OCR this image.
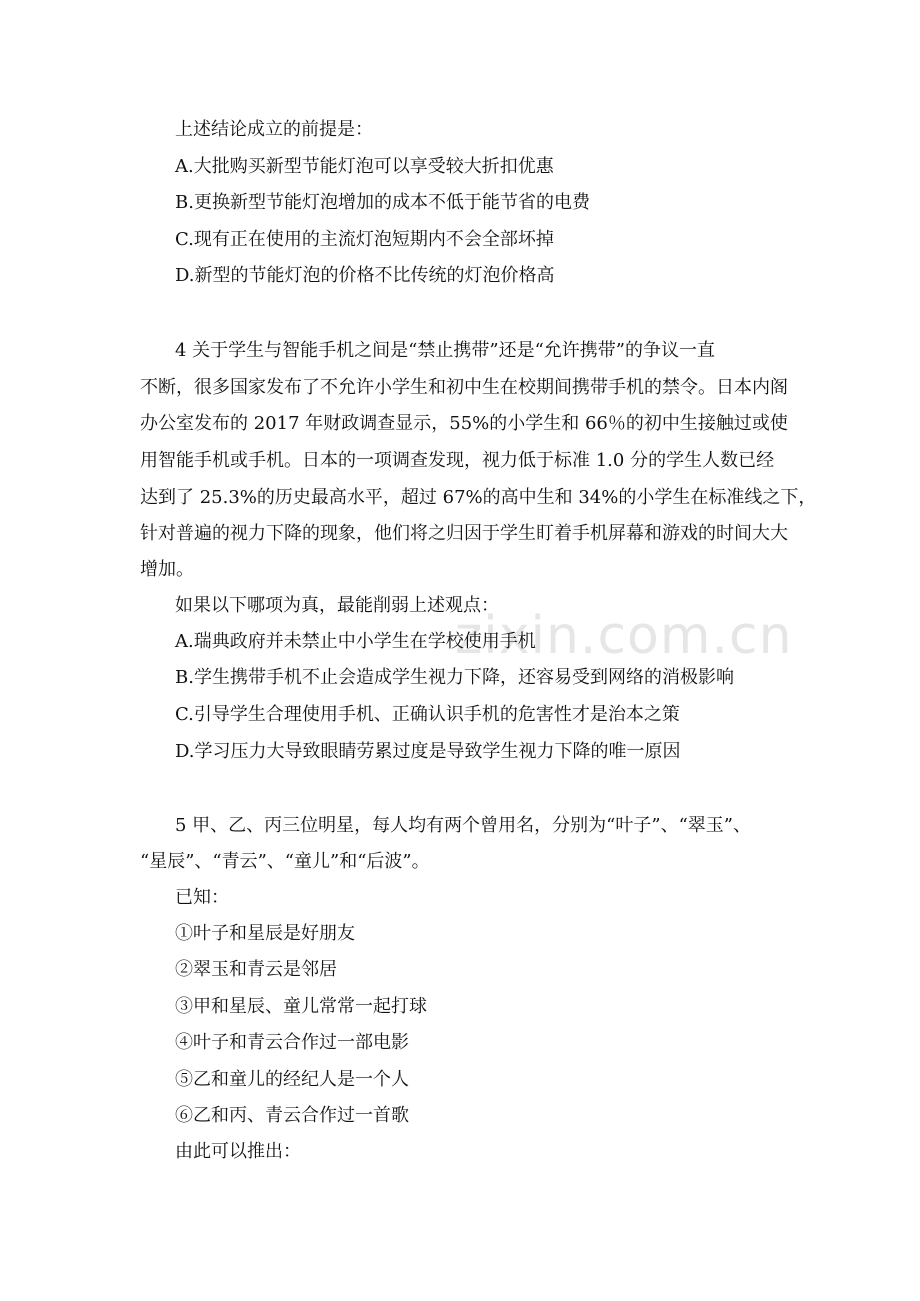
zixin.com.cn
上述结论成立的前提是：
A.大批购买新型节能灯泡可以享受较大折扣优惠
B.更换新型节能灯泡增加的成本不低于能节省的电费
C.现有正在使用的主流灯泡短期内不会全部坏掉
D.新型的节能灯泡的价格不比传统的灯泡价格高
4 关于学生与智能手机之间是“禁止携带”还是“允许携带”的争议一直
不断，很多国家发布了不允许小学生和初中生在校期间携带手机的禁令。日本内阁
办公室发布的 2017 年财政调查显示，55%的小学生和 66％的初中生接触过或使
用智能手机或手机。日本的一项调查发现，视力低于标准 1.0 分的学生人数已经
达到了 25.3%的历史最高水平，超过 67%的高中生和 34%的小学生在标准线之下，
针对普遍的视力下降的现象，他们将之归因于学生盯着手机屏幕和游戏的时间大大
增加。
如果以下哪项为真，最能削弱上述观点：
A.瑞典政府并未禁止中小学生在学校使用手机
B.学生携带手机不止会造成学生视力下降，还容易受到网络的消极影响
C.引导学生合理使用手机、正确认识手机的危害性才是治本之策
D.学习压力大导致眼睛劳累过度是导致学生视力下降的唯一原因
5 甲、乙、丙三位明星，每人均有两个曾用名，分别为“叶子”、“翠玉”、
“星辰”、“青云”、“童儿”和“后波”。
已知：
①叶子和星辰是好朋友
②翠玉和青云是邻居
③甲和星辰、童儿常常一起打球
④叶子和青云合作过一部电影
⑤乙和童儿的经纪人是一个人
⑥乙和丙、青云合作过一首歌
由此可以推出：
